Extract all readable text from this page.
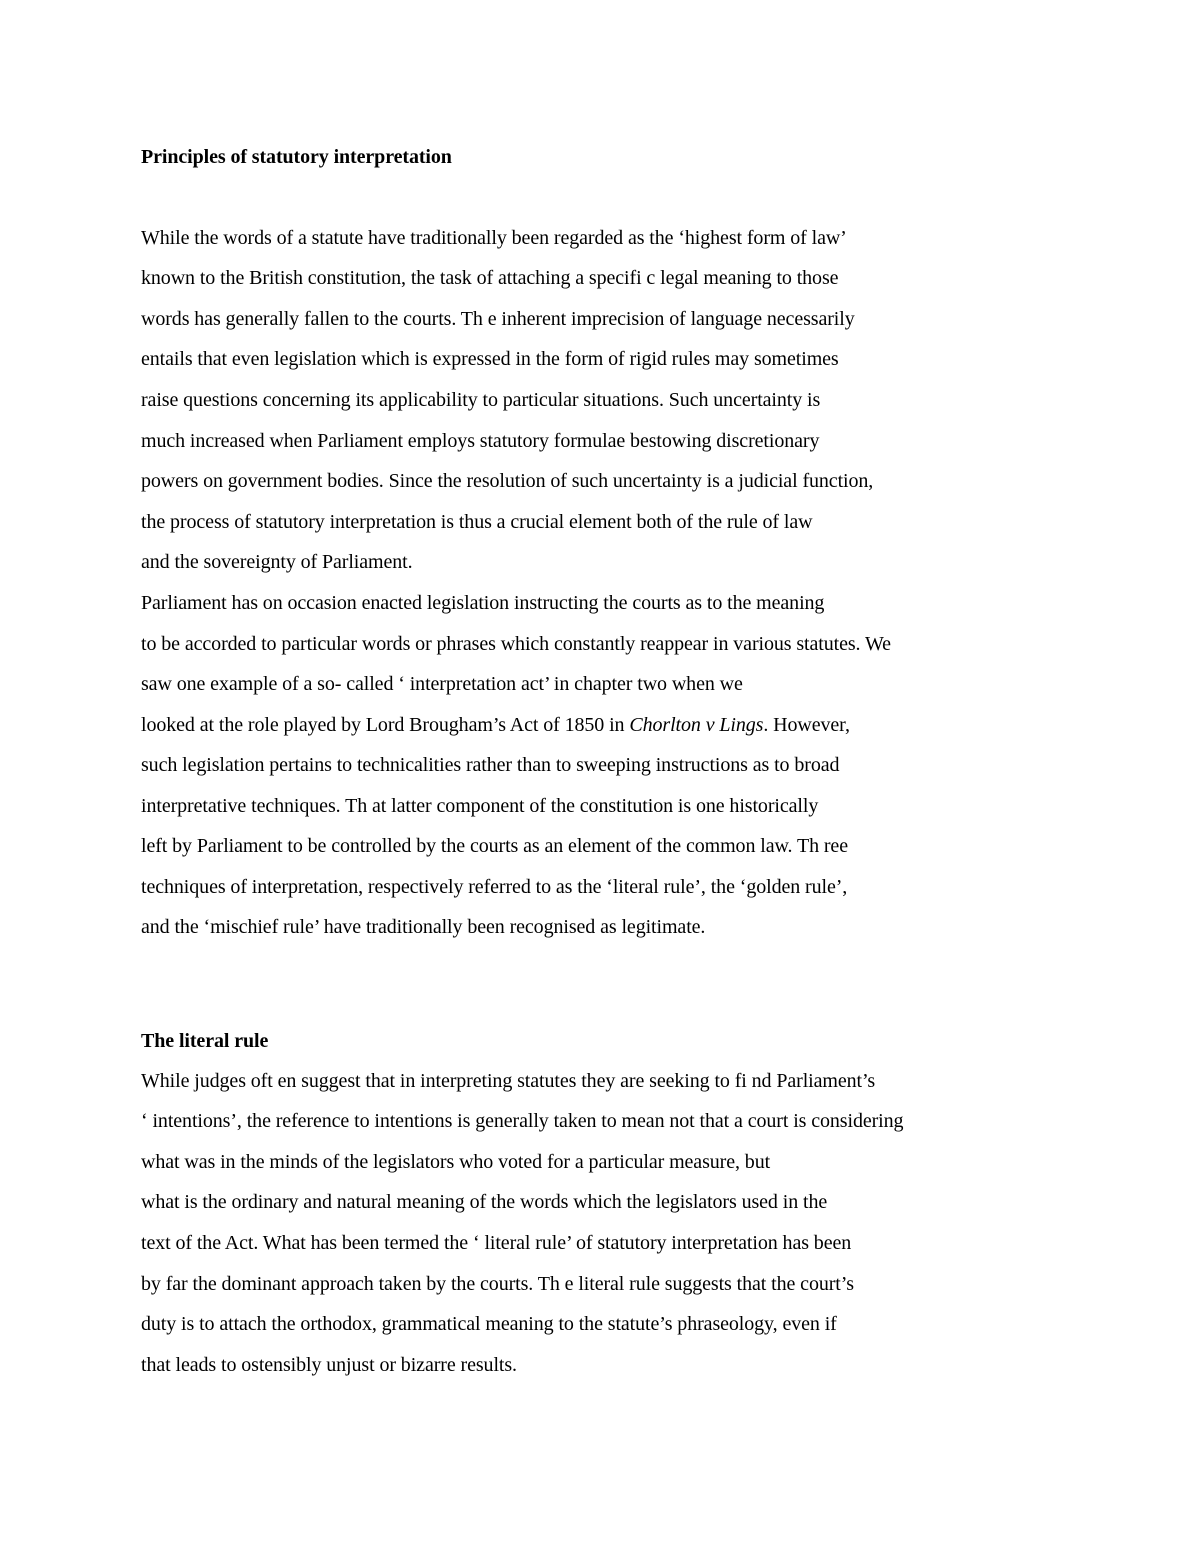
Principles of statutory interpretation
While the words of a statute have traditionally been regarded as the ‘highest form of law’
known to the British constitution, the task of attaching a specifi c legal meaning to those
words has generally fallen to the courts. Th e inherent imprecision of language necessarily
entails that even legislation which is expressed in the form of rigid rules may sometimes
raise questions concerning its applicability to particular situations. Such uncertainty is
much increased when Parliament employs statutory formulae bestowing discretionary
powers on government bodies. Since the resolution of such uncertainty is a judicial function,
the process of statutory interpretation is thus a crucial element both of the rule of law
and the sovereignty of Parliament.
Parliament has on occasion enacted legislation instructing the courts as to the meaning
to be accorded to particular words or phrases which constantly reappear in various statutes. We
saw one example of a so- called ‘ interpretation act’ in chapter two when we
looked at the role played by Lord Brougham’s Act of 1850 in Chorlton v Lings. However,
such legislation pertains to technicalities rather than to sweeping instructions as to broad
interpretative techniques. Th at latter component of the constitution is one historically
left by Parliament to be controlled by the courts as an element of the common law. Th ree
techniques of interpretation, respectively referred to as the ‘literal rule’, the ‘golden rule’,
and the ‘mischief rule’ have traditionally been recognised as legitimate.
The literal rule
While judges oft en suggest that in interpreting statutes they are seeking to fi nd Parliament’s
‘ intentions’, the reference to intentions is generally taken to mean not that a court is considering
what was in the minds of the legislators who voted for a particular measure, but
what is the ordinary and natural meaning of the words which the legislators used in the
text of the Act. What has been termed the ‘ literal rule’ of statutory interpretation has been
by far the dominant approach taken by the courts. Th e literal rule suggests that the court’s
duty is to attach the orthodox, grammatical meaning to the statute’s phraseology, even if
that leads to ostensibly unjust or bizarre results.
